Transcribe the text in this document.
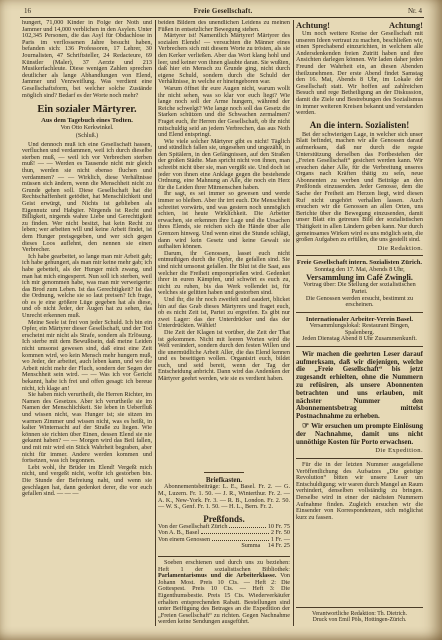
16	Freie Gesellschaft.	Nr. 4

hungert, 71,000 Kinder in Folge der Noth und Jammer und 14,000 verblichen in den Asylen. Unter 102,345 Personen, die das Asyl für Obdachlose in Paris im verflossenen Jahre besucht haben, befanden sich: 136 Professoren, 17 Lehrer, 30 Journalisten, 47 Schriftsteller, 24 Redacteure, 69 Künstler (Maler), 37 Aerzte und 213 Musikerfachleute. Diese wenigen Zahlen sprechen deutlicher als lange Abhandlungen von Elend, Jammer und Verzweiflung. Was verdient eine Gesellschaftsform, bei welcher solche Zustände möglich sind? Bedarf es der Worte noch mehr?

Ein sozialer Märtyrer.
Aus dem Tagebuch eines Todten.
Von Otto Kerkwinkel.
(Schluß.)

Und dennoch muß ich eine Gesellschaft hassen, verfluchen und verdammen, weil ich durch dieselbe sterben muß, — weil ich vor Verbrechen sterben muß! — — Werden es Tausende nicht mir gleich thun, werden sie nicht ebenso fluchen und verdammen? — — Wirklich, diese Verhältnisse müssen sich ändern, wenn die Menschheit nicht zu Grunde gehen soll. Diese Gesellschaft hat die Rechtschaffenheit getödtet, hat Menschlichkeit und Geist erwürgt, und Nichts ist geblieben als Eigennutz und Habgier. Nirgends ist Recht und Billigkeit, nirgends wahre Liebe und Gerechtigkeit zu finden. Wer nicht besitzt, hat kein Recht zu leben; wer arbeiten will und keine Arbeit findet, ist dem Hunger preisgegeben, und wer sich gegen dieses Loos auflehnt, den nennen sie einen Verbrecher.

Ich habe gearbeitet, so lange man mir Arbeit gab; ich habe gehungert, als man mir keine mehr gab; ich habe gebettelt, als der Hunger mich zwang, und man hat mich eingesperrt. Nun soll ich sterben, weil ich mir genommen habe, was man mir verweigerte: das Brod zum Leben. Ist das Gerechtigkeit? Ist das die Ordnung, welche sie so laut preisen? Ich frage, ob es je eine größere Lüge gegeben hat als diese, und ob nicht Jeder, der Augen hat zu sehen, das Unrecht erkennen muß.

Meine Seele ist frei von jeder Schuld. Ich bin ein Opfer, ein Märtyrer dieser Gesellschaft, und der Tod erscheint mir nicht als Strafe, sondern als Erlösung. Ich sterbe mit dem Bewußtsein, daß meine Leiden nicht umsonst gewesen sind, daß einst eine Zeit kommen wird, wo kein Mensch mehr hungern muß, wo Jeder, der arbeitet, auch leben kann, und wo die Arbeit nicht mehr der Fluch, sondern der Segen der Menschheit sein wird. — — Was ich vor Gericht bekannt, habe ich frei und offen gesagt: ich bereue nicht, ich klage an!

Sie haben mich verurtheilt, die Herren Richter, im Namen des Gesetzes. Aber ich verurtheile sie im Namen der Menschlichkeit. Sie leben in Ueberfluß und wissen nicht, was Hunger ist; sie sitzen im warmen Zimmer und wissen nicht, was es heißt, in kalter Winternacht auf der Straße zu liegen. Wie können sie richten über Einen, dessen Elend sie nie gekannt haben? — — Morgen wird das Beil fallen, und mit mir wird ein Stück Wahrheit begraben, aber nicht für immer. Andere werden kommen und fortsetzen, was ich begonnen.

Lebt wohl, ihr Brüder im Elend! Vergeßt mich nicht, und vergeßt nicht, wofür ich gestorben bin. Die Stunde der Befreiung naht, und wenn sie geschlagen hat, dann gedenket derer, die vor euch gefallen sind. — — —

beiden Bildern des unendlichen Leidens zu meinen Füßen in entsetzlicher Bewegung stehen.

Märtyrer ist! Namentlich Märtyrer! Märtyrer des sozialen Elends! — versuchten die Männer eines Verbrechers sich mit diesem Worte zu trösten, als sie den Kerker verließen. Aber das Wort klang hohl und leer, und keiner von ihnen glaubte daran. Sie wußten, daß hier ein Mensch zu Grunde ging, nicht durch eigene Schuld, sondern durch die Schuld der Verhältnisse, in welche er hineingeboren war.

Warum öffnet ihr eure Augen nicht, warum wollt ihr nicht sehen, was so klar vor euch liegt? Wie lange noch soll der Arme hungern, während der Reiche schwelgt? Wie lange noch soll das Gesetz die Starken schützen und die Schwachen zermalmen? Fraget euch, ihr Herren der Gesellschaft, ob ihr nicht mitschuldig seid an jedem Verbrechen, das aus Noth und Elend entspringt.

Wie viele solcher Märtyrer gibt es nicht! Täglich und stündlich fallen sie, ungesehen und ungezählt, in den Spitälern, in den Gefängnissen, auf den Straßen der großen Städte. Man spricht nicht von ihnen, man schreibt nicht über sie, man vergißt sie. Und doch ist jeder von ihnen eine Anklage gegen die bestehende Ordnung, eine Mahnung an Alle, die noch ein Herz für die Leiden ihrer Mitmenschen haben.

Ihr sagt, es sei immer so gewesen und werde immer so bleiben. Aber ihr irrt euch. Die Menschheit schreitet vorwärts, und was gestern noch unmöglich schien, ist heute Wirklichkeit. Die Arbeiter erwachen, sie erkennen ihre Lage und die Ursachen ihres Elends, sie reichen sich die Hände über alle Grenzen hinweg. Und wenn einst die Stunde schlägt, dann wird kein Gesetz und keine Gewalt sie aufhalten können.

Darum, ihr Genossen, lasset euch nicht entmuthigen durch die Opfer, die gefallen sind. Sie sind nicht umsonst gefallen. Ihr Blut ist die Saat, aus welcher die Freiheit emporsprießen wird. Gedenket ihrer in euren Kämpfen, und schwört es euch zu, nicht zu ruhen, bis das Werk vollendet ist, für welches sie gelitten haben und gestorben sind.

Und ihr, die ihr noch zweifelt und zaudert, blicket hin auf das Grab dieses Märtyrers und fraget euch, ob es nicht Zeit ist, Partei zu ergreifen. Es gibt nur zwei Lager: das der Unterdrücker und das der Unterdrückten. Wählet!

Die Zeit der Klagen ist vorüber, die Zeit der That ist gekommen. Nicht mit leeren Worten wird die Welt verändert, sondern durch den festen Willen und die unermüdliche Arbeit Aller, die das Elend kennen und es beseitigen wollen. Organisirt euch, bildet euch, und seid bereit, wenn der Tag der Entscheidung anbricht. Dann wird das Andenken der Märtyrer geehrt werden, wie sie es verdient haben.

Briefkasten.

Abonnementsbeiträge: L. E., Basel. Fr. 2. — G. M., Luzern. Fr. 1. 50. — J. R., Winterthur. Fr. 2. — A. K., New-York. Fr. 3. — R. B., London. Fr. 2. 50. — W. S., Genf. Fr. 1. 50. — H. L., Bern. Fr. 2.

Preßfonds.
Von der Gesellschaft Zürich	10 Fr. 75
Von A. B., Basel	2 Fr. 50
Von einem Genossen	1 Fr. —
Summa 14 Fr. 25

Soeben erschienen und durch uns zu beziehen: Heft 1 der sozialistischen Bibliothek: Parlamentarismus und die Arbeiterklasse. Von Johann Most. Preis 10 Cts. — Heft 2: Die Gottespest. Preis 10 Cts. — Heft 3: Die Eigenthumsbestie. Preis 15 Cts. Wiederverkäufer erhalten entsprechenden Rabatt. Bestellungen sind unter Beifügung des Betrages an die Expedition der „Freien Gesellschaft“ zu richten. Gegen Nachnahme werden keine Sendungen ausgeführt.

Achtung!	Achtung!

Um noch weitere Kreise der Gesellschaft mit unseren Ideen vertraut zu machen, beschließen wir, einen Sprechabend einzurichten, in welchem alle Andersdenkenden freien Zutritt haben und ihre Ansichten darlegen können. Wir laden daher jeden Freund der Wahrheit ein, an diesen Abenden theilzunehmen. Der erste Abend findet Samstag den 16. Mai, Abends 8 Uhr, im Lokale der Gesellschaft statt. Wir hoffen auf zahlreichen Besuch und rege Betheiligung an der Diskussion, damit die Ziele und Bestrebungen des Sozialismus in immer weiteren Kreisen bekannt und verstanden werden.

An die intern. Sozialisten!

Bei der schwierigen Lage, in welcher sich unser Blatt befindet, machen wir alle Genossen darauf aufmerksam, daß nur durch die regste Unterstützung derselben das Fortbestehen der „Freien Gesellschaft“ gesichert werden kann. Wir ersuchen daher Alle, für die Verbreitung unseres Organs nach Kräften thätig zu sein, neue Abonnenten zu werben und Beiträge an den Preßfonds einzusenden. Jeder Genosse, dem die Sache der Freiheit am Herzen liegt, wird diesen Ruf nicht ungehört verhallen lassen. Auch ersuchen wir die Genossen an allen Orten, uns Berichte über die Bewegung einzusenden, damit unser Blatt ein getreues Bild der sozialistischen Thätigkeit in allen Ländern geben kann. Nur durch gemeinsames Wirken wird es uns möglich sein, die großen Aufgaben zu erfüllen, die uns gestellt sind.

Die Redaktion.
Freie Gesellschaft intern. Sozialisten Zürich.
Sonntag den 17. Mai, Abends 8 Uhr,
Versammlung im Café Zwingli.
Vortrag über: Die Stellung der sozialistischen Partei.
Die Genossen werden ersucht, bestimmt zu erscheinen.
Internationaler Arbeiter-Verein Basel.
Versammlungslokal: Restaurant Bingen, Spalenberg.
Jeden Dienstag Abend 8 Uhr Zusammenkunft.

Wir machen die geehrten Leser darauf aufmerksam, daß wir diejenigen, welche die „Freie Gesellschaft“ bis jetzt zugesandt erhielten, ohne die Nummern zu refüsiren, als unsere Abonnenten betrachten und uns erlauben, mit nächster Nummer den Abonnementsbetrag mittelst Postnachnahme zu erheben.

☞ Wir ersuchen um prompte Einlösung der Nachnahme, damit uns nicht unnöthige Kosten für Porto erwachsen.

Die Expedition.

Für die in der letzten Nummer ausgefallene Veröffentlichung des Aufsatzes „Die geistige Revolution“ bitten wir unsere Leser um Entschuldigung; wir waren durch Mangel an Raum verhindert, denselben vollständig zu bringen. Derselbe wird in einer der nächsten Nummern Aufnahme finden. Zugleich ersuchen wir die Einsender von Korrespondenzen, sich möglichst kurz zu fassen.

Verantwortliche Redaktion: Th. Dietrich.
Druck von Emil Pöls, Hottingen-Zürich.
